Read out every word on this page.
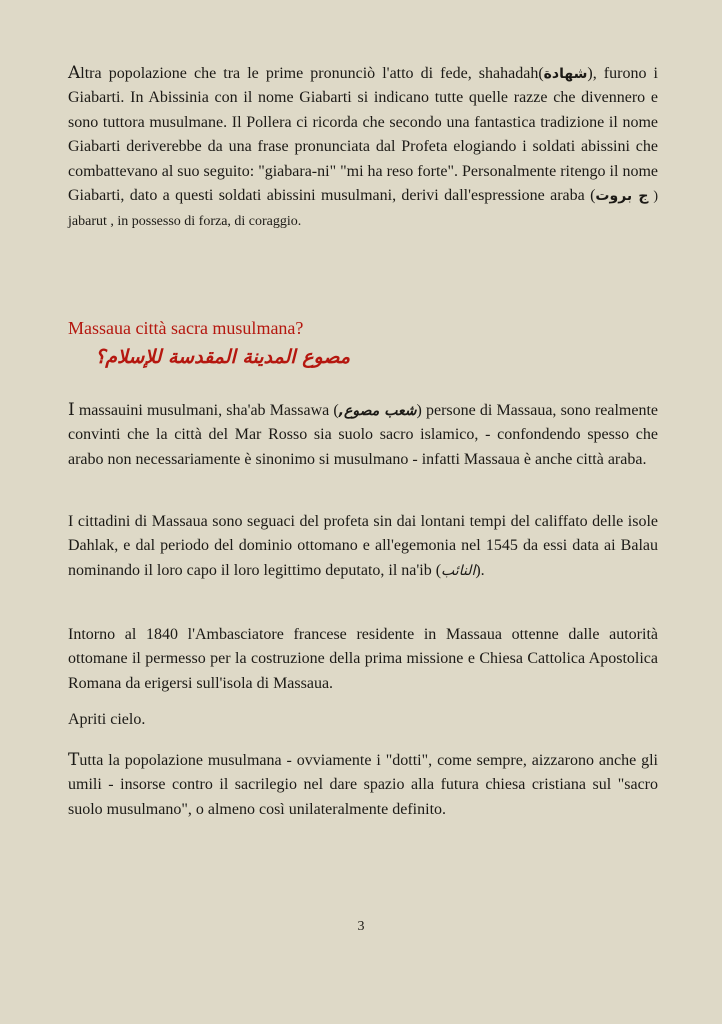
Altra popolazione che tra le prime pronunciò l'atto di fede, shahadah(شهادة), furono i Giabarti. In Abissinia con il nome Giabarti si indicano tutte quelle razze che divennero e sono tuttora musulmane. Il Pollera ci ricorda che secondo una fantastica tradizione il nome Giabarti deriverebbe da una frase pronunciata dal Profeta elogiando i soldati abissini che combattevano al suo seguito: "giabara-ni" "mi ha reso forte". Personalmente ritengo il nome Giabarti, dato a questi soldati abissini musulmani, derivi dall'espressione araba (ج بروت ) jabarut , in possesso di forza, di coraggio.

Massaua città sacra musulmana?
مصوع المدينة المقدسة للإسلام؟

I massauini musulmani, sha'ab Massawa (شعب مصوع,) persone di Massaua, sono realmente convinti che la città del Mar Rosso sia suolo sacro islamico, - confondendo spesso che arabo non necessariamente è sinonimo si musulmano - infatti Massaua è anche città araba.

I cittadini di Massaua sono seguaci del profeta sin dai lontani tempi del califfato delle isole Dahlak, e dal periodo del dominio ottomano e all'egemonia nel 1545 da essi data ai Balau nominando il loro capo il loro legittimo deputato, il na'ib (النائب).

Intorno al 1840 l'Ambasciatore francese residente in Massaua ottenne dalle autorità ottomane il permesso per la costruzione della prima missione e Chiesa Cattolica Apostolica Romana da erigersi sull'isola di Massaua.

Apriti cielo.

Tutta la popolazione musulmana - ovviamente i "dotti", come sempre, aizzarono anche gli umili - insorse contro il sacrilegio nel dare spazio alla futura chiesa cristiana sul "sacro suolo musulmano", o almeno così unilateralmente definito.

3
